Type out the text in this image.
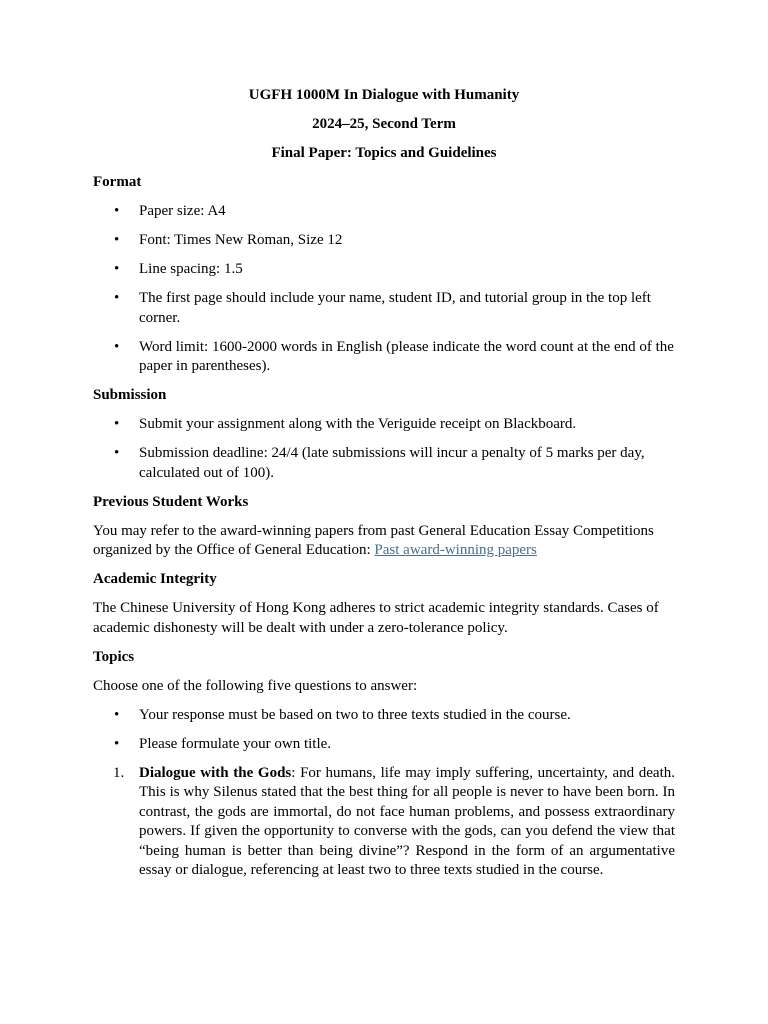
UGFH 1000M In Dialogue with Humanity

2024–25, Second Term

Final Paper: Topics and Guidelines

Format

• Paper size: A4
• Font: Times New Roman, Size 12
• Line spacing: 1.5
• The first page should include your name, student ID, and tutorial group in the top left corner.
• Word limit: 1600-2000 words in English (please indicate the word count at the end of the paper in parentheses).

Submission

• Submit your assignment along with the Veriguide receipt on Blackboard.
• Submission deadline: 24/4 (late submissions will incur a penalty of 5 marks per day, calculated out of 100).

Previous Student Works

You may refer to the award-winning papers from past General Education Essay Competitions organized by the Office of General Education: Past award-winning papers

Academic Integrity

The Chinese University of Hong Kong adheres to strict academic integrity standards. Cases of academic dishonesty will be dealt with under a zero-tolerance policy.

Topics

Choose one of the following five questions to answer:

• Your response must be based on two to three texts studied in the course.
• Please formulate your own title.
1. Dialogue with the Gods: For humans, life may imply suffering, uncertainty, and death. This is why Silenus stated that the best thing for all people is never to have been born. In contrast, the gods are immortal, do not face human problems, and possess extraordinary powers. If given the opportunity to converse with the gods, can you defend the view that “being human is better than being divine”? Respond in the form of an argumentative essay or dialogue, referencing at least two to three texts studied in the course.
